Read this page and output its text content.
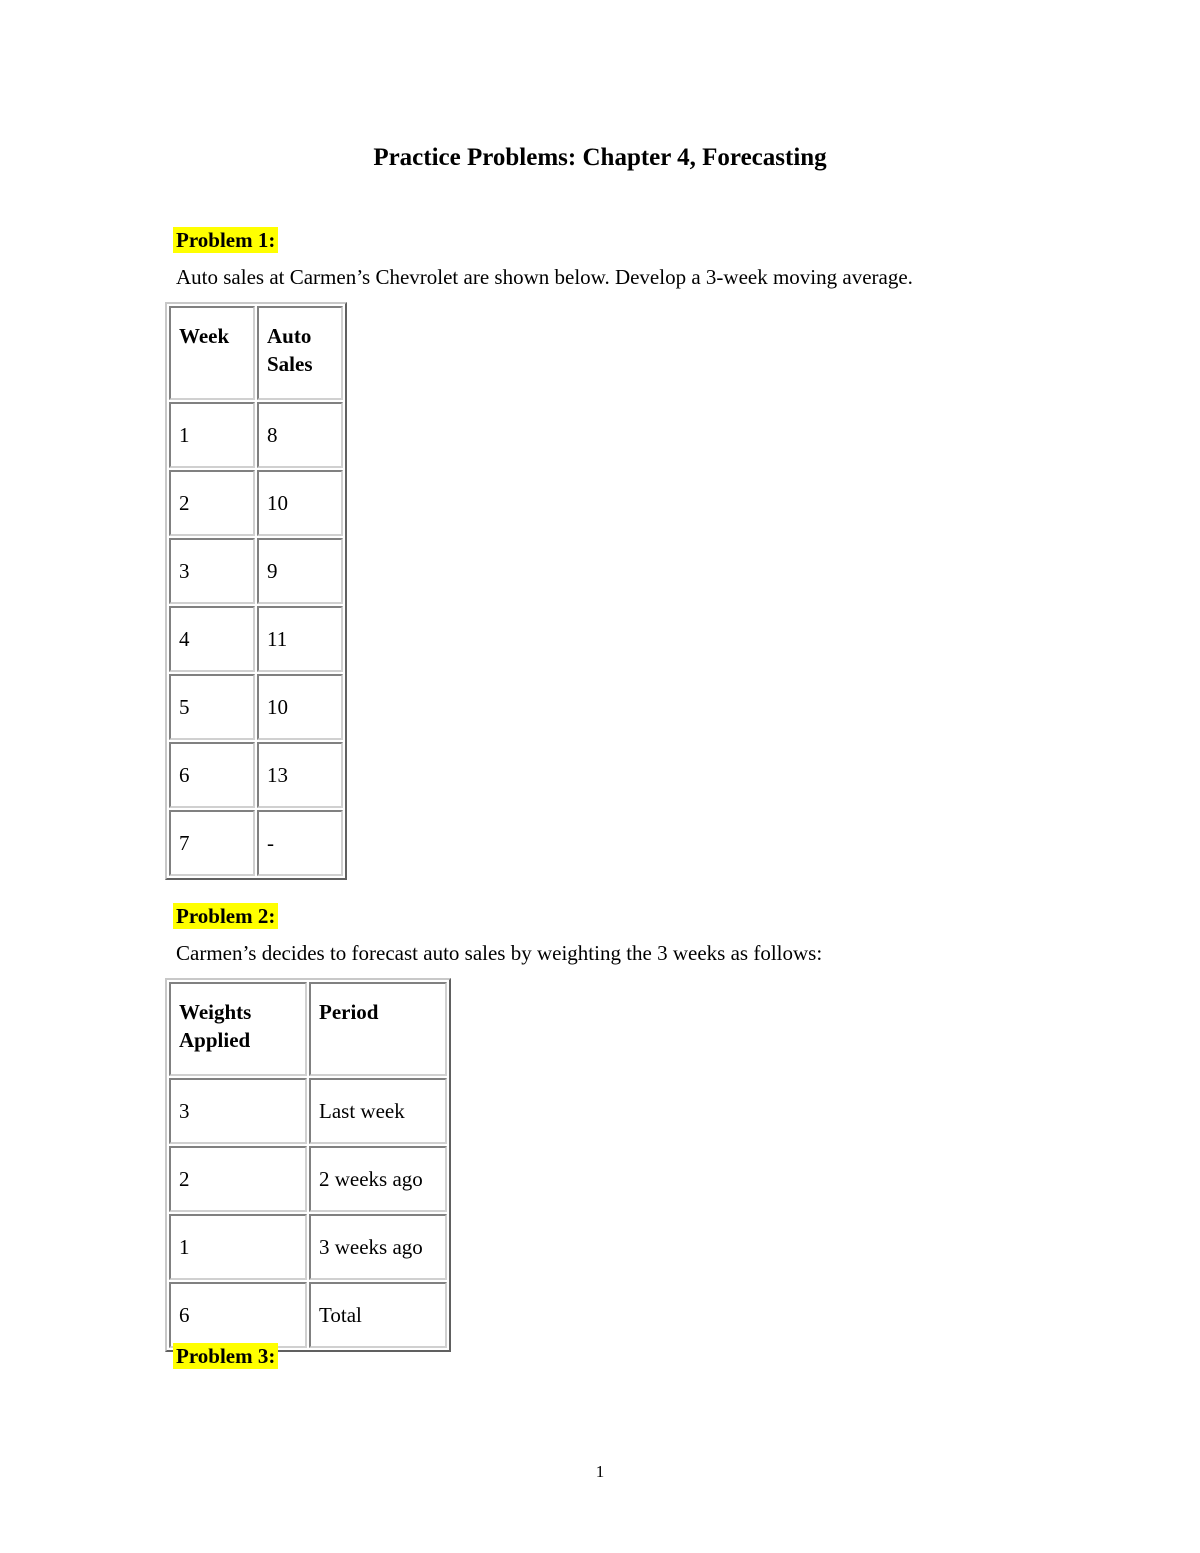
Practice Problems: Chapter 4, Forecasting
Problem 1:

Auto sales at Carmen’s Chevrolet are shown below. Develop a 3-week moving average.

Week	Auto Sales
1	8
2	10
3	9
4	11
5	10
6	13
7	-
Problem 2:

Carmen’s decides to forecast auto sales by weighting the 3 weeks as follows:

Weights Applied	Period
3	Last week
2	2 weeks ago
1	3 weeks ago
6	Total
Problem 3:
1
